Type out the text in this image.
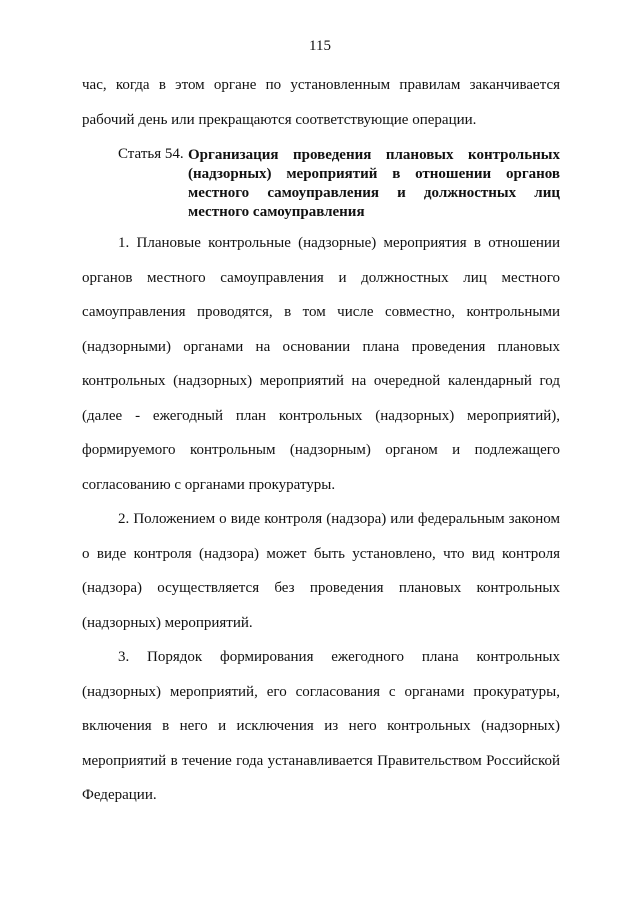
115

час, когда в этом органе по установленным правилам заканчивается

рабочий день или прекращаются соответствующие операции.

Статья 54. Организация проведения плановых контрольных

(надзорных) мероприятий в отношении органов

местного самоуправления и должностных лиц

местного самоуправления

1. Плановые контрольные (надзорные) мероприятия в отношении

органов местного самоуправления и должностных лиц местного

самоуправления проводятся, в том числе совместно, контрольными

(надзорными) органами на основании плана проведения плановых

контрольных (надзорных) мероприятий на очередной календарный год

(далее - ежегодный план контрольных (надзорных) мероприятий),

формируемого контрольным (надзорным) органом и подлежащего

согласованию с органами прокуратуры.

2. Положением о виде контроля (надзора) или федеральным законом

о виде контроля (надзора) может быть установлено, что вид контроля

(надзора) осуществляется без проведения плановых контрольных

(надзорных) мероприятий.

3. Порядок формирования ежегодного плана контрольных

(надзорных) мероприятий, его согласования с органами прокуратуры,

включения в него и исключения из него контрольных (надзорных)

мероприятий в течение года устанавливается Правительством Российской

Федерации.
